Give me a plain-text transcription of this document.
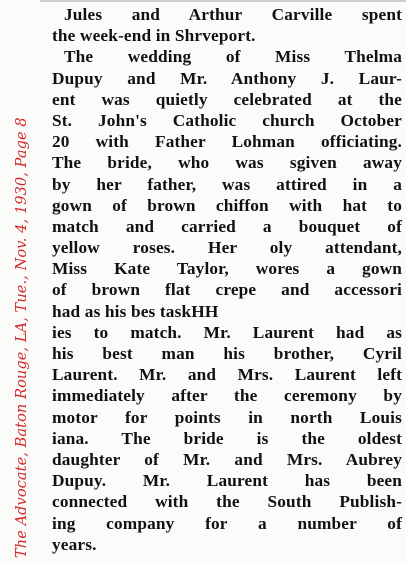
The Advocate, Baton Rouge, LA, Tue., Nov. 4, 1930, Page 8
Jules and Arthur Carville spent
the week-end in Shrveport.
The wedding of Miss Thelma
Dupuy and Mr. Anthony J. Laur-
ent was quietly celebrated at the
St. John's Catholic church October
20 with Father Lohman officiating.
The bride, who was sgiven away
by her father, was attired in a
gown of brown chiffon with hat to
match and carried a bouquet of
yellow roses. Her oly attendant,
Miss Kate Taylor, wores a gown
of brown flat crepe and accessori
had as his bes taskHH
ies to match. Mr. Laurent had as
his best man his brother, Cyril
Laurent. Mr. and Mrs. Laurent left
immediately after the ceremony by
motor for points in north Louis
iana. The bride is the oldest
daughter of Mr. and Mrs. Aubrey
Dupuy. Mr. Laurent has been
connected with the South Publish-
ing company for a number of
years.
